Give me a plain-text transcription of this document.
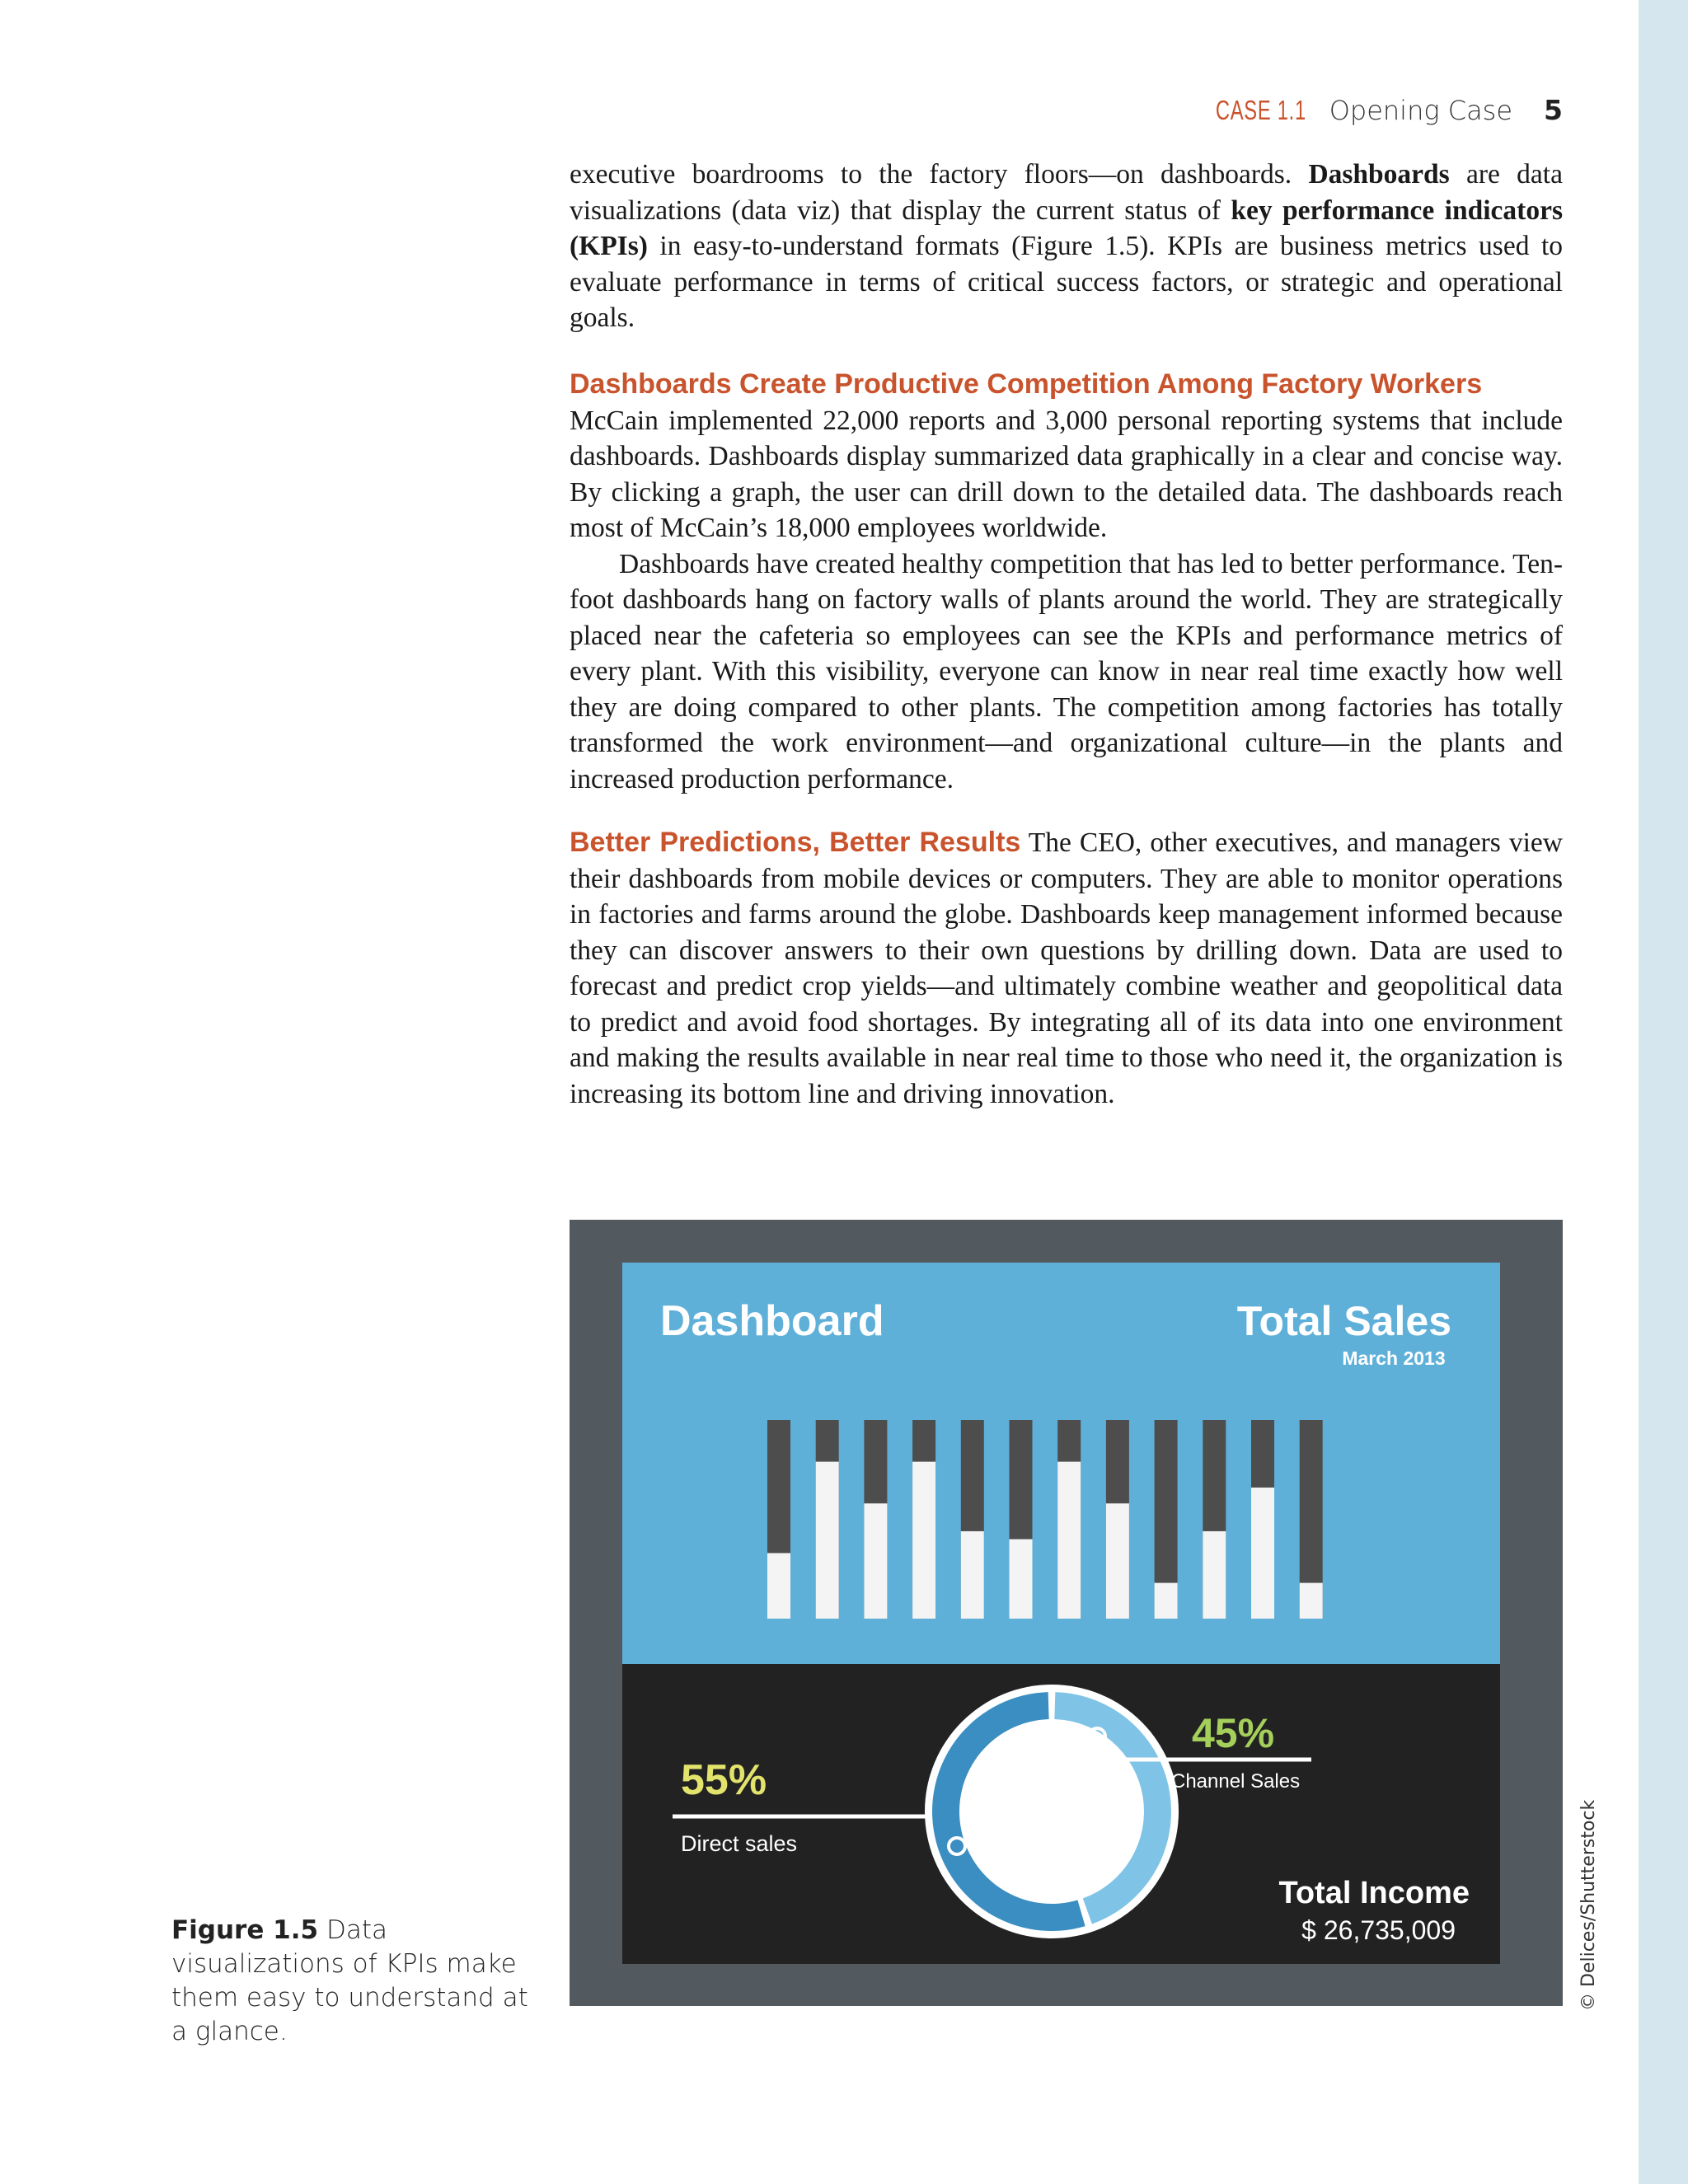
CASE 1.1 Opening Case 5

executive boardrooms to the factory floors—on dashboards. Dashboards are data visualizations (data viz) that display the current status of key performance indicators (KPIs) in easy-to-understand formats (Figure 1.5). KPIs are business metrics used to evaluate performance in terms of critical success factors, or strategic and operational goals.

Dashboards Create Productive Competition Among Factory Workers

McCain implemented 22,000 reports and 3,000 personal reporting systems that include dashboards. Dashboards display summarized data graphically in a clear and concise way. By clicking a graph, the user can drill down to the detailed data. The dashboards reach most of McCain’s 18,000 employees worldwide.

Dashboards have created healthy competition that has led to better performance. Ten-foot dashboards hang on factory walls of plants around the world. They are strategically placed near the cafeteria so employees can see the KPIs and performance metrics of every plant. With this visibility, everyone can know in near real time exactly how well they are doing compared to other plants. The competition among factories has totally transformed the work environment—and organizational culture—in the plants and increased production performance.

Better Predictions, Better Results The CEO, other executives, and managers view their dashboards from mobile devices or computers. They are able to monitor operations in factories and farms around the globe. Dashboards keep management informed because they can discover answers to their own questions by drilling down. Data are used to forecast and predict crop yields—and ultimately combine weather and geopolitical data to predict and avoid food shortages. By integrating all of its data into one environment and making the results available in near real time to those who need it, the organization is increasing its bottom line and driving innovation.

Dashboard	Total Sales
March 2013
55%
Direct sales
45%
Channel Sales
Total Income
$ 26,735,009
Figure 1.5 Data visualizations of KPIs make them easy to understand at a glance.
© Delices/Shutterstock
